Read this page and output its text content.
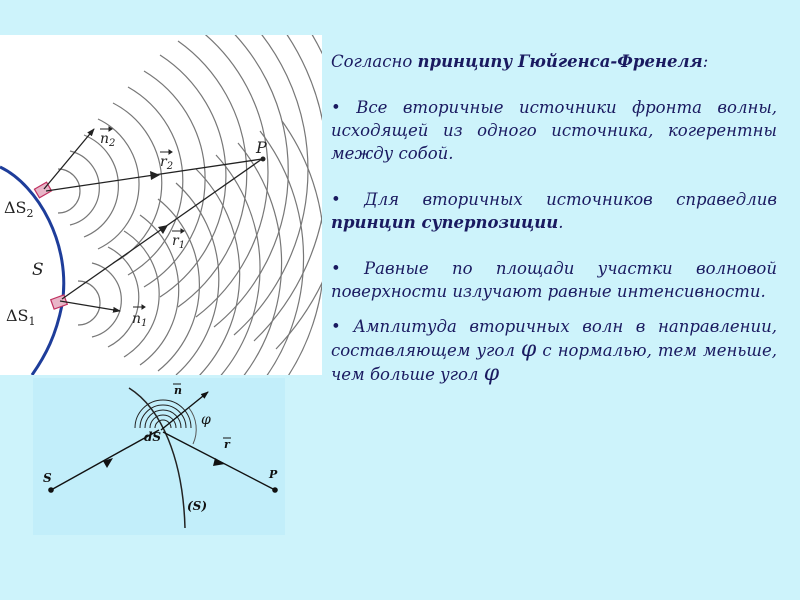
S
$\Delta S_2$
$\Delta S_1$
P
$n_2$
$n_1$
$r_2$
$r_1$
S
dS
n
φ
r
P
(S)

Согласно принципу Гюйгенса-Френеля:

• Все вторичные источники фронта волны, исходящей из одного источника, когерентны между собой.

• Для вторичных источников справедлив принцип суперпозиции.

• Равные по площади участки волновой поверхности излучают равные интенсивности.

• Амплитуда вторичных волн в направлении, составляющем угол φ с нормалью, тем меньше, чем больше угол φ
